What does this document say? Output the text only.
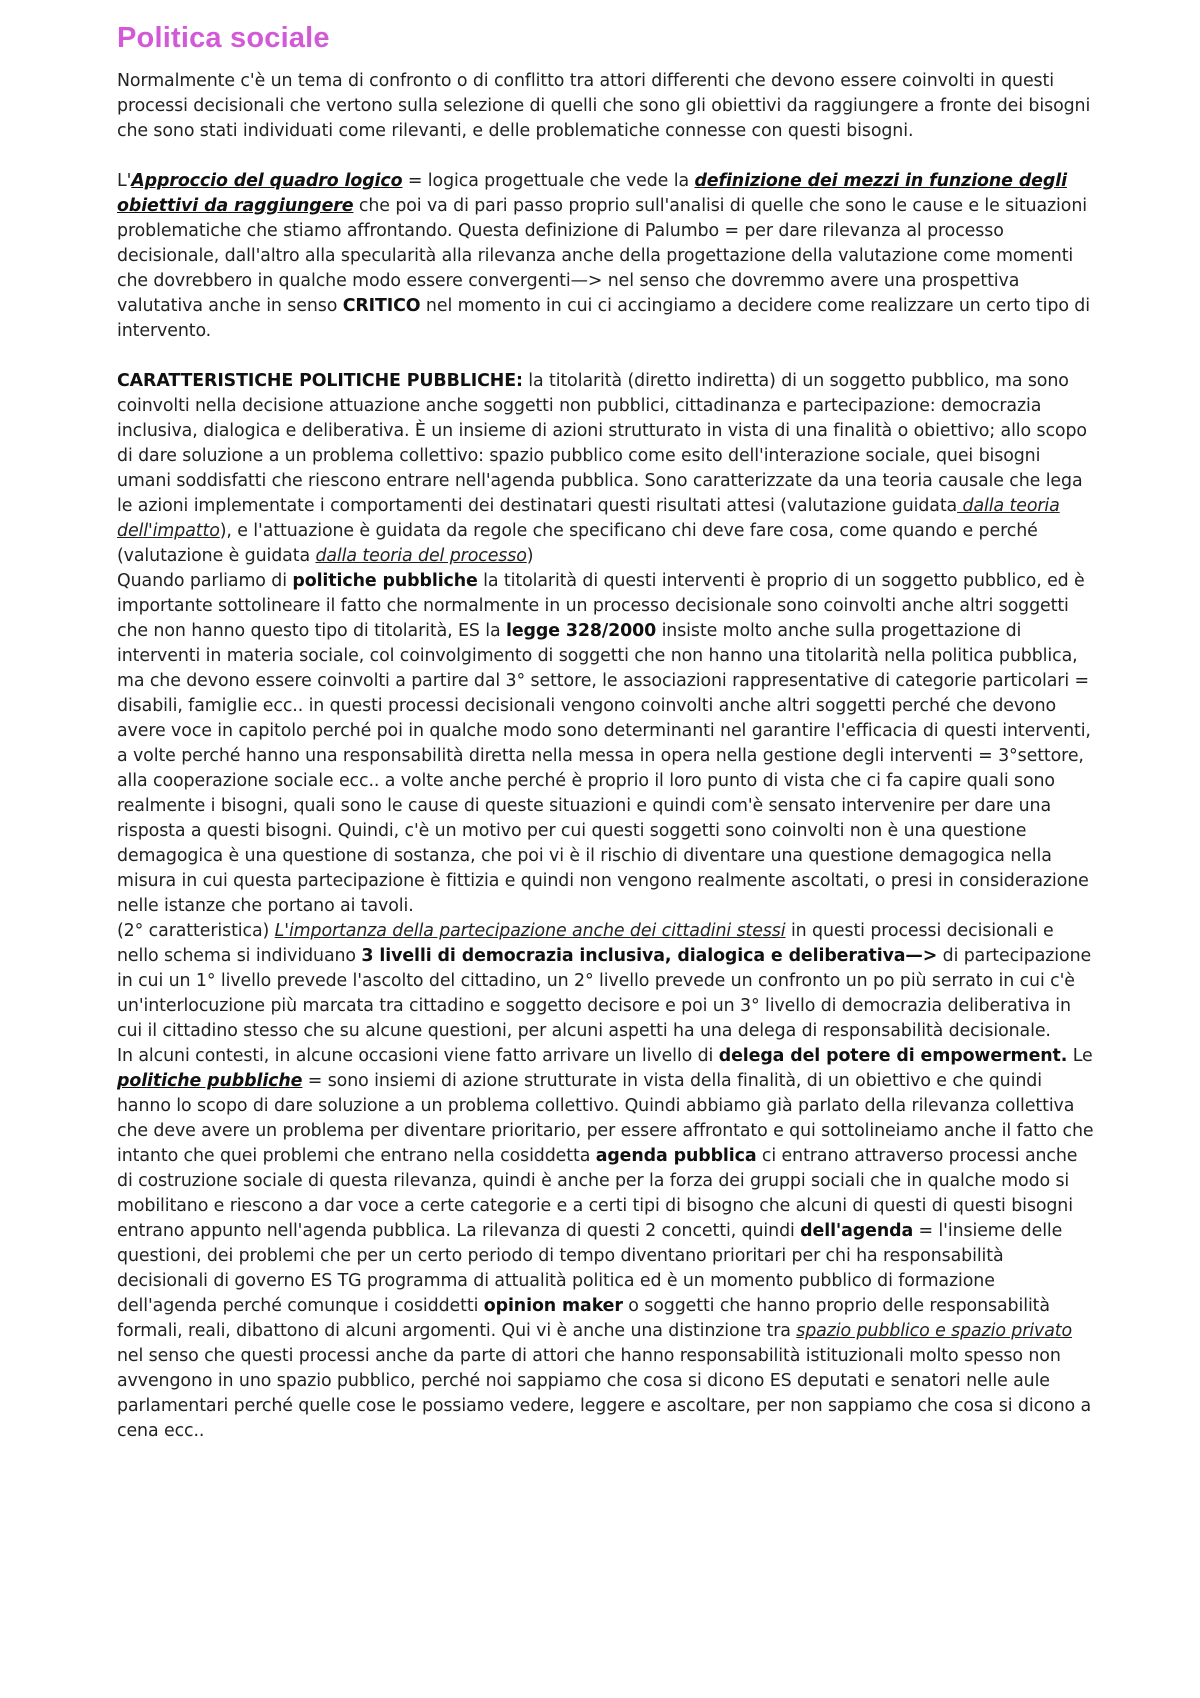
Politica sociale

Normalmente c'è un tema di confronto o di conflitto tra attori differenti che devono essere coinvolti in questi processi decisionali che vertono sulla selezione di quelli che sono gli obiettivi da raggiungere a fronte dei bisogni che sono stati individuati come rilevanti, e delle problematiche connesse con questi bisogni.

L'Approccio del quadro logico = logica progettuale che vede la definizione dei mezzi in funzione degli obiettivi da raggiungere che poi va di pari passo proprio sull'analisi di quelle che sono le cause e le situazioni problematiche che stiamo affrontando. Questa definizione di Palumbo = per dare rilevanza al processo decisionale, dall'altro alla specularità alla rilevanza anche della progettazione della valutazione come momenti che dovrebbero in qualche modo essere convergenti—> nel senso che dovremmo avere una prospettiva valutativa anche in senso CRITICO nel momento in cui ci accingiamo a decidere come realizzare un certo tipo di intervento.

CARATTERISTICHE POLITICHE PUBBLICHE: la titolarità (diretto indiretta) di un soggetto pubblico, ma sono coinvolti nella decisione attuazione anche soggetti non pubblici, cittadinanza e partecipazione: democrazia inclusiva, dialogica e deliberativa. È un insieme di azioni strutturato in vista di una finalità o obiettivo; allo scopo di dare soluzione a un problema collettivo: spazio pubblico come esito dell'interazione sociale, quei bisogni umani soddisfatti che riescono entrare nell'agenda pubblica. Sono caratterizzate da una teoria causale che lega le azioni implementate i comportamenti dei destinatari questi risultati attesi (valutazione guidata dalla teoria dell'impatto), e l'attuazione è guidata da regole che specificano chi deve fare cosa, come quando e perché (valutazione è guidata dalla teoria del processo)

Quando parliamo di politiche pubbliche la titolarità di questi interventi è proprio di un soggetto pubblico, ed è importante sottolineare il fatto che normalmente in un processo decisionale sono coinvolti anche altri soggetti che non hanno questo tipo di titolarità, ES la legge 328/2000 insiste molto anche sulla progettazione di interventi in materia sociale, col coinvolgimento di soggetti che non hanno una titolarità nella politica pubblica, ma che devono essere coinvolti a partire dal 3° settore, le associazioni rappresentative di categorie particolari = disabili, famiglie ecc.. in questi processi decisionali vengono coinvolti anche altri soggetti perché che devono avere voce in capitolo perché poi in qualche modo sono determinanti nel garantire l'efficacia di questi interventi, a volte perché hanno una responsabilità diretta nella messa in opera nella gestione degli interventi = 3°settore, alla cooperazione sociale ecc.. a volte anche perché è proprio il loro punto di vista che ci fa capire quali sono realmente i bisogni, quali sono le cause di queste situazioni e quindi com'è sensato intervenire per dare una risposta a questi bisogni. Quindi, c'è un motivo per cui questi soggetti sono coinvolti non è una questione demagogica è una questione di sostanza, che poi vi è il rischio di diventare una questione demagogica nella misura in cui questa partecipazione è fittizia e quindi non vengono realmente ascoltati, o presi in considerazione nelle istanze che portano ai tavoli.

(2° caratteristica) L'importanza della partecipazione anche dei cittadini stessi in questi processi decisionali e nello schema si individuano 3 livelli di democrazia inclusiva, dialogica e deliberativa—> di partecipazione in cui un 1° livello prevede l'ascolto del cittadino, un 2° livello prevede un confronto un po più serrato in cui c'è un'interlocuzione più marcata tra cittadino e soggetto decisore e poi un 3° livello di democrazia deliberativa in cui il cittadino stesso che su alcune questioni, per alcuni aspetti ha una delega di responsabilità decisionale.

In alcuni contesti, in alcune occasioni viene fatto arrivare un livello di delega del potere di empowerment. Le politiche pubbliche = sono insiemi di azione strutturate in vista della finalità, di un obiettivo e che quindi hanno lo scopo di dare soluzione a un problema collettivo. Quindi abbiamo già parlato della rilevanza collettiva che deve avere un problema per diventare prioritario, per essere affrontato e qui sottolineiamo anche il fatto che intanto che quei problemi che entrano nella cosiddetta agenda pubblica ci entrano attraverso processi anche di costruzione sociale di questa rilevanza, quindi è anche per la forza dei gruppi sociali che in qualche modo si mobilitano e riescono a dar voce a certe categorie e a certi tipi di bisogno che alcuni di questi di questi bisogni entrano appunto nell'agenda pubblica. La rilevanza di questi 2 concetti, quindi dell'agenda = l'insieme delle questioni, dei problemi che per un certo periodo di tempo diventano prioritari per chi ha responsabilità decisionali di governo ES TG programma di attualità politica ed è un momento pubblico di formazione dell'agenda perché comunque i cosiddetti opinion maker o soggetti che hanno proprio delle responsabilità formali, reali, dibattono di alcuni argomenti. Qui vi è anche una distinzione tra spazio pubblico e spazio privato nel senso che questi processi anche da parte di attori che hanno responsabilità istituzionali molto spesso non avvengono in uno spazio pubblico, perché noi sappiamo che cosa si dicono ES deputati e senatori nelle aule parlamentari perché quelle cose le possiamo vedere, leggere e ascoltare, per non sappiamo che cosa si dicono a cena ecc..
